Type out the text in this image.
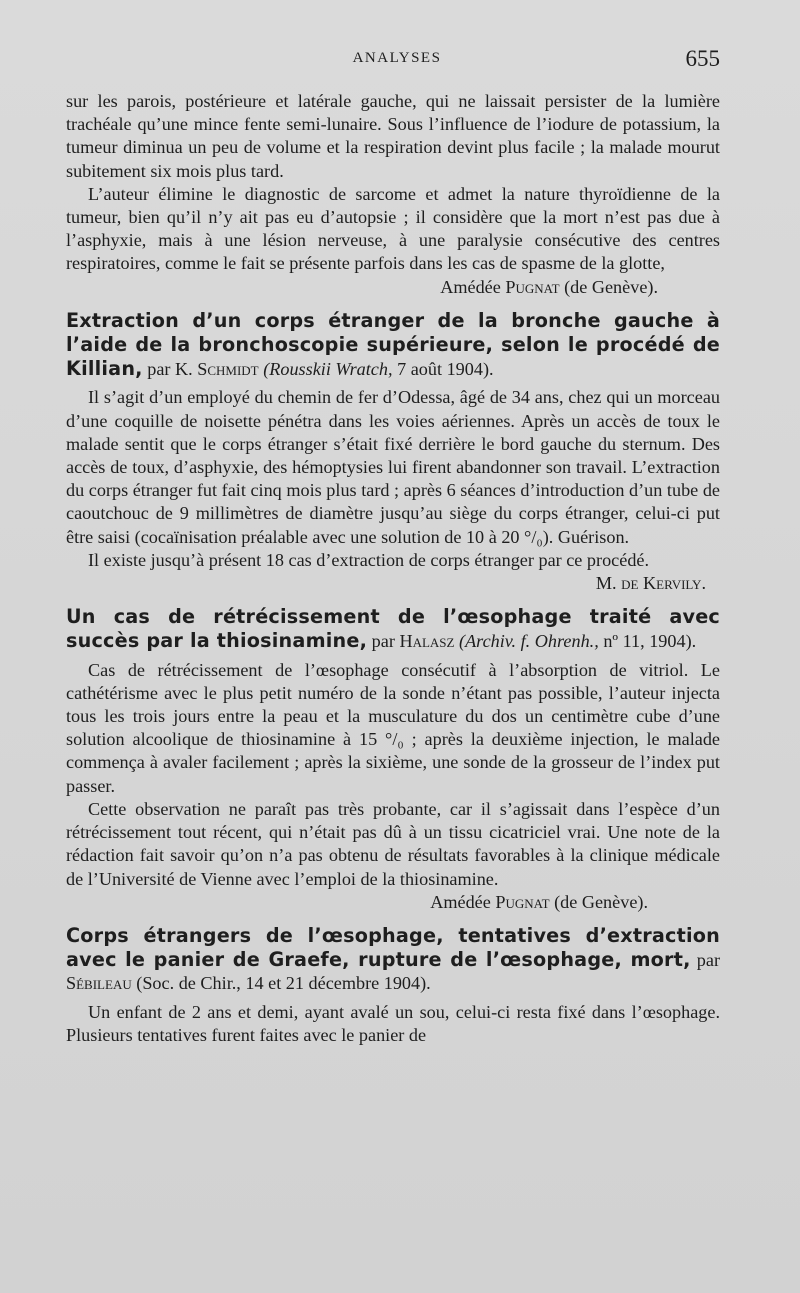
ANALYSES	655

sur les parois, postérieure et latérale gauche, qui ne laissait persister de la lumière trachéale qu’une mince fente semi-lunaire. Sous l’influence de l’iodure de potassium, la tumeur diminua un peu de volume et la respiration devint plus facile ; la malade mourut subitement six mois plus tard.

L’auteur élimine le diagnostic de sarcome et admet la nature thyroïdienne de la tumeur, bien qu’il n’y ait pas eu d’autopsie ; il considère que la mort n’est pas due à l’asphyxie, mais à une lésion nerveuse, à une paralysie consécutive des centres respiratoires, comme le fait se présente parfois dans les cas de spasme de la glotte,

Amédée Pugnat (de Genève).
Extraction d’un corps étranger de la bronche gauche à l’aide de la bronchoscopie supérieure, selon le procédé de Killian, par K. Schmidt (Rousskii Wratch, 7 août 1904).

Il s’agit d’un employé du chemin de fer d’Odessa, âgé de 34 ans, chez qui un morceau d’une coquille de noisette pénétra dans les voies aériennes. Après un accès de toux le malade sentit que le corps étranger s’était fixé derrière le bord gauche du sternum. Des accès de toux, d’asphyxie, des hémoptysies lui firent abandonner son travail. L’extraction du corps étranger fut fait cinq mois plus tard ; après 6 séances d’introduction d’un tube de caoutchouc de 9 millimètres de diamètre jusqu’au siège du corps étranger, celui-ci put être saisi (cocaïnisation préalable avec une solution de 10 à 20 °/₀). Guérison.

Il existe jusqu’à présent 18 cas d’extraction de corps étranger par ce procédé.

M. de Kervily.
Un cas de rétrécissement de l’œsophage traité avec succès par la thiosinamine, par Halasz (Archiv. f. Ohrenh., nº 11, 1904).

Cas de rétrécissement de l’œsophage consécutif à l’absorption de vitriol. Le cathétérisme avec le plus petit numéro de la sonde n’étant pas possible, l’auteur injecta tous les trois jours entre la peau et la musculature du dos un centimètre cube d’une solution alcoolique de thiosinamine à 15 °/₀ ; après la deuxième injection, le malade commença à avaler facilement ; après la sixième, une sonde de la grosseur de l’index put passer.

Cette observation ne paraît pas très probante, car il s’agissait dans l’espèce d’un rétrécissement tout récent, qui n’était pas dû à un tissu cicatriciel vrai. Une note de la rédaction fait savoir qu’on n’a pas obtenu de résultats favorables à la clinique médicale de l’Université de Vienne avec l’emploi de la thiosinamine.

Amédée Pugnat (de Genève).
Corps étrangers de l’œsophage, tentatives d’extraction avec le panier de Graefe, rupture de l’œsophage, mort, par Sébileau (Soc. de Chir., 14 et 21 décembre 1904).

Un enfant de 2 ans et demi, ayant avalé un sou, celui-ci resta fixé dans l’œsophage. Plusieurs tentatives furent faites avec le panier de
